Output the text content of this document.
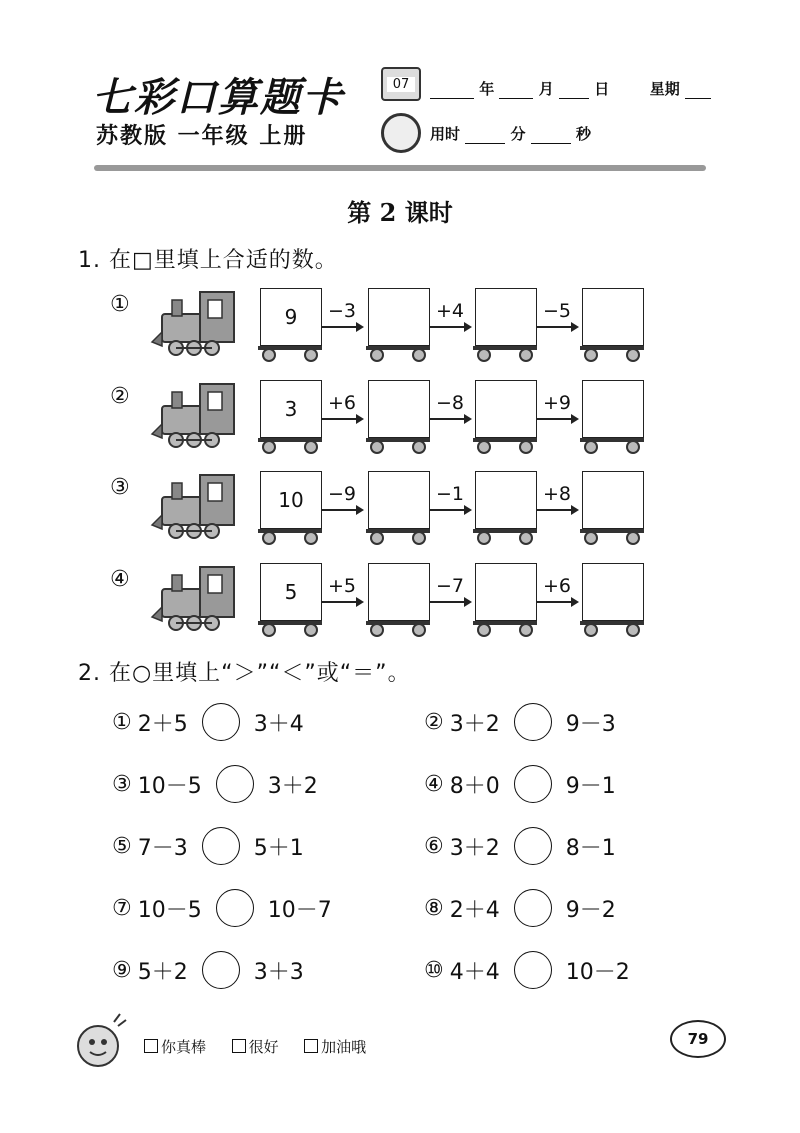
七彩口算题卡
苏教版 一年级 上册
07	年	月	日	星期
用时	分	秒
第 2 课时
1. 在□里填上合适的数。
①	9	−3	+4	−5
②	3	+6	−8	+9
③	10	−9	−1	+8
④	5	+5	−7	+6
2. 在○里填上“＞”“＜”或“＝”。
① 2＋5	3＋4	② 3＋2	9－3
③ 10－5	3＋2	④ 8＋0	9－1
⑤ 7－3	5＋1	⑥ 3＋2	8－1
⑦ 10－5	10－7	⑧ 2＋4	9－2
⑨ 5＋2	3＋3	⑩ 4＋4	10－2
你真棒	很好	加油哦	79
